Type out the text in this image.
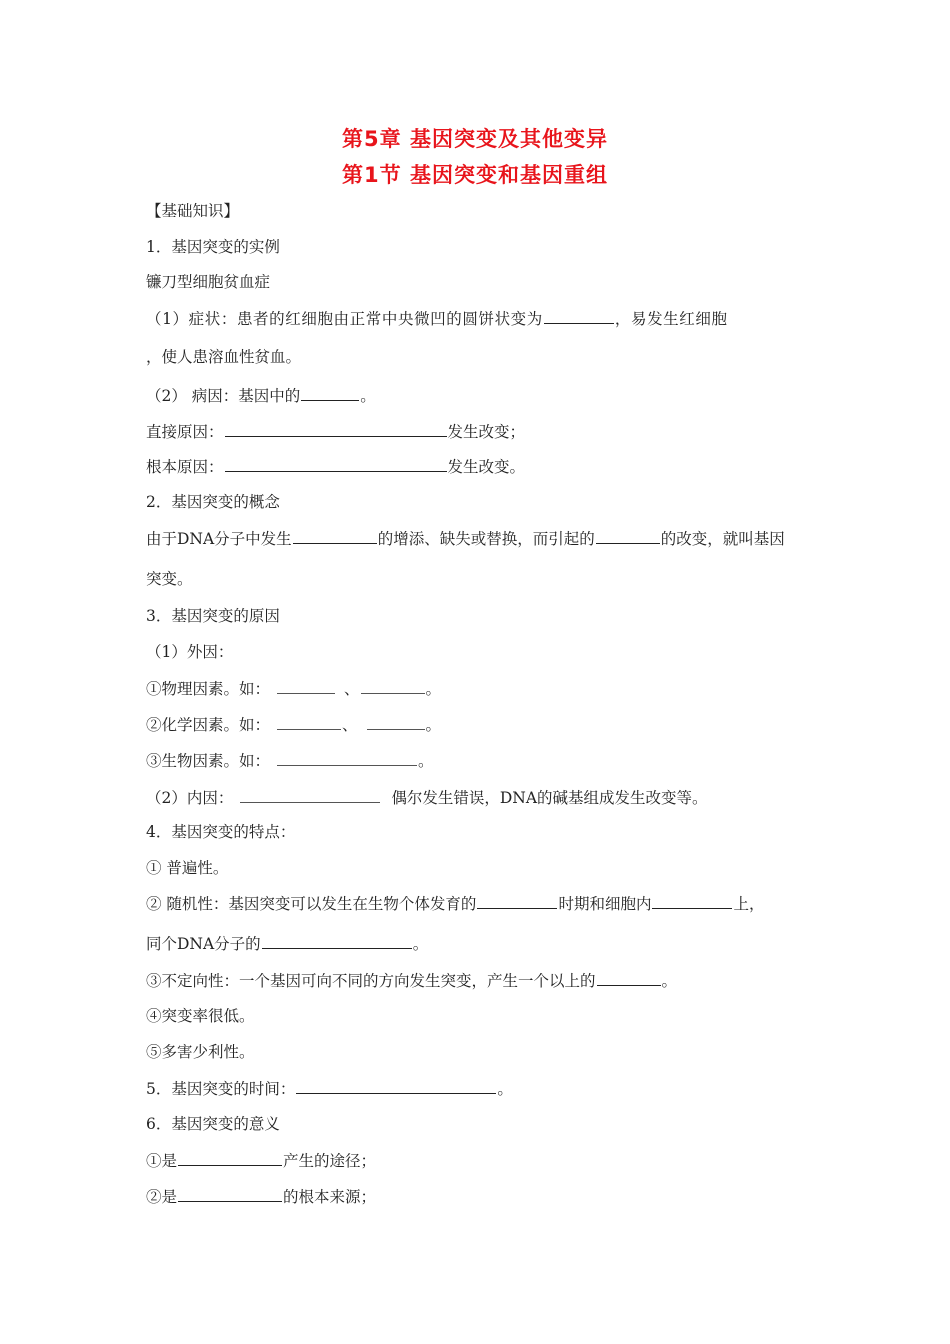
第5章 基因突变及其他变异
第1节 基因突变和基因重组
【基础知识】
1．基因突变的实例
镰刀型细胞贫血症
（1）症状：患者的红细胞由正常中央微凹的圆饼状变为	，易发生红细胞
，使人患溶血性贫血。
（2） 病因：基因中的	。
直接原因：	发生改变；
根本原因：	发生改变。
2．基因突变的概念
由于DNA分子中发生	的增添、缺失或替换，而引起的	的改变，就叫基因
突变。
3．基因突变的原因
（1）外因：
①物理因素。如：	、	。
②化学因素。如：	、	。
③生物因素。如：	。
（2）内因：	偶尔发生错误，DNA的碱基组成发生改变等。
4．基因突变的特点：
① 普遍性。
② 随机性：基因突变可以发生在生物个体发育的	时期和细胞内	上，
同个DNA分子的	。
③不定向性：一个基因可向不同的方向发生突变，产生一个以上的	。
④突变率很低。
⑤多害少利性。
5．基因突变的时间：	。
6．基因突变的意义
①是	产生的途径；
②是	的根本来源；
